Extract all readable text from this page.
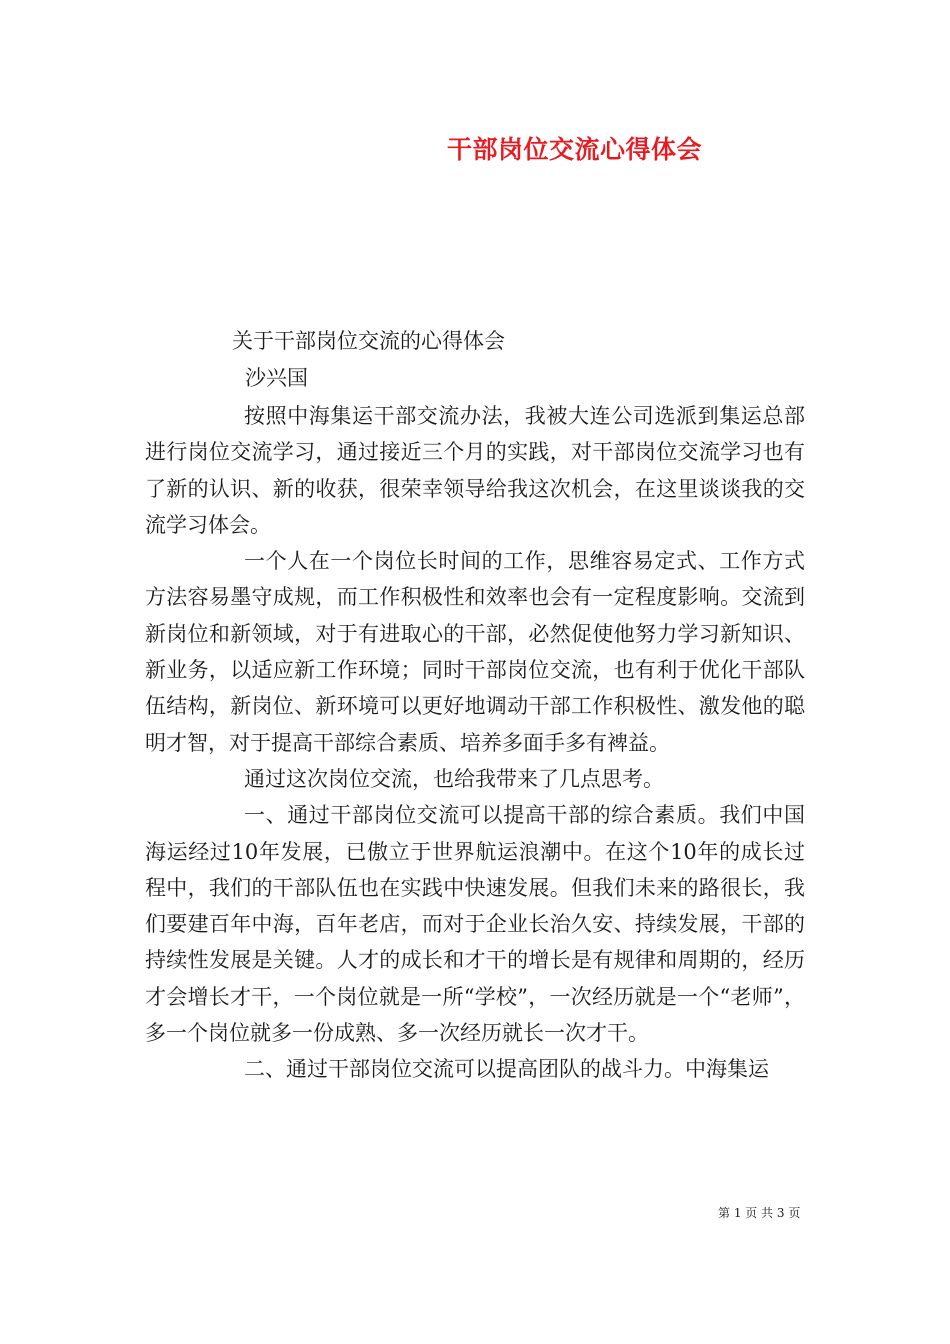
干部岗位交流心得体会
关于干部岗位交流的心得体会
沙兴国

按照中海集运干部交流办法，我被大连公司选派到集运总部进行岗位交流学习，通过接近三个月的实践，对干部岗位交流学习也有了新的认识、新的收获，很荣幸领导给我这次机会，在这里谈谈我的交流学习体会。

一个人在一个岗位长时间的工作，思维容易定式、工作方式方法容易墨守成规，而工作积极性和效率也会有一定程度影响。交流到新岗位和新领域，对于有进取心的干部，必然促使他努力学习新知识、新业务，以适应新工作环境；同时干部岗位交流，也有利于优化干部队伍结构，新岗位、新环境可以更好地调动干部工作积极性、激发他的聪明才智，对于提高干部综合素质、培养多面手多有裨益。

通过这次岗位交流，也给我带来了几点思考。

一、通过干部岗位交流可以提高干部的综合素质。我们中国海运经过10年发展，已傲立于世界航运浪潮中。在这个10年的成长过程中，我们的干部队伍也在实践中快速发展。但我们未来的路很长，我们要建百年中海，百年老店，而对于企业长治久安、持续发展，干部的持续性发展是关键。人才的成长和才干的增长是有规律和周期的，经历才会增长才干，一个岗位就是一所“学校”，一次经历就是一个“老师”，多一个岗位就多一份成熟、多一次经历就长一次才干。

二、通过干部岗位交流可以提高团队的战斗力。中海集运

第 1 页 共 3 页
